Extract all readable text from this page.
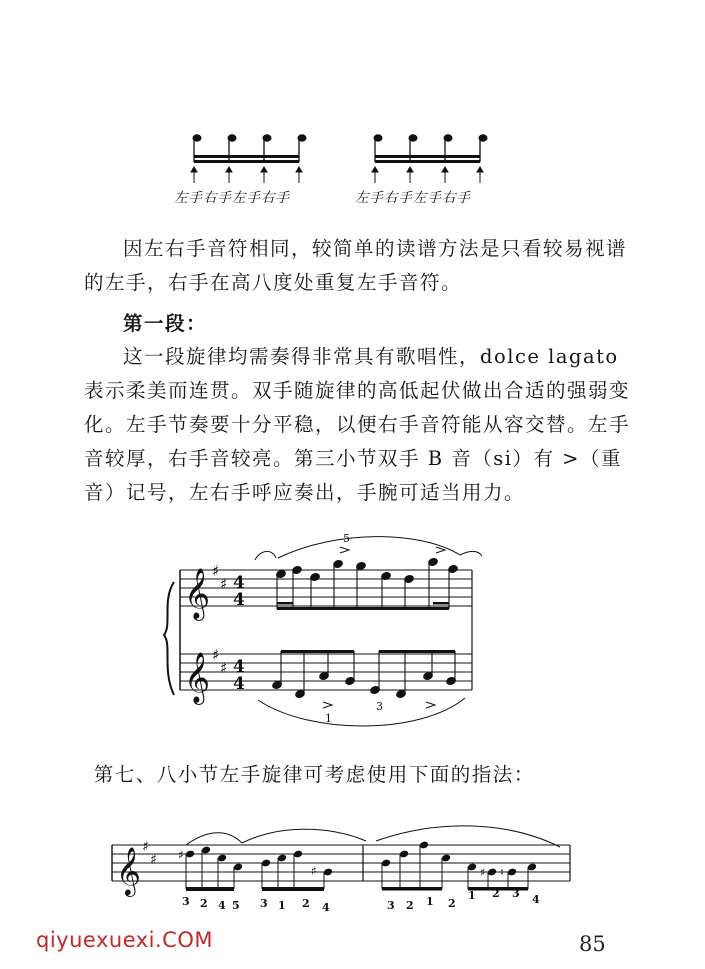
左手右手左手右手	左手右手左手右手

因左右手音符相同，较简单的读谱方法是只看较易视谱的左手，右手在高八度处重复左手音符。

第一段：

这一段旋律均需奏得非常具有歌唱性，dolce lagato 表示柔美而连贯。双手随旋律的高低起伏做出合适的强弱变化。左手节奏要十分平稳，以便右手音符能从容交替。左手音较厚，右手音较亮。第三小节双手 B 音（si）有 >（重音）记号，左右手呼应奏出，手腕可适当用力。

𝄞
𝄞
♯
♯
♯
♯
4
4
4
4
5
1
3

第七、八小节左手旋律可考虑使用下面的指法：

𝄞 ♯
♯ ♯
♯	♯ ♮
3 2 4 5 3 1 2 4	3 2 1 2
1 2 3 4
qiyuexuexi.COM	85
